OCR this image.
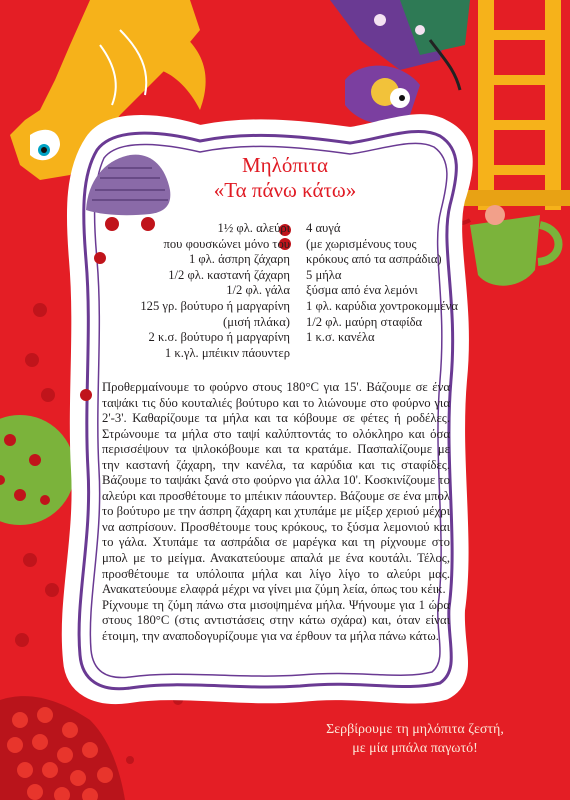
Μηλόπιτα
«Τα πάνω κάτω»
1½ φλ. αλεύρι
που φουσκώνει μόνο του
1 φλ. άσπρη ζάχαρη
1/2 φλ. καστανή ζάχαρη
1/2 φλ. γάλα
125 γρ. βούτυρο ή μαργαρίνη
(μισή πλάκα)
2 κ.σ. βούτυρο ή μαργαρίνη
1 κ.γλ. μπέικιν πάουντερ
4 αυγά
(με χωρισμένους τους
κρόκους από τα ασπράδια)
5 μήλα
ξύσμα από ένα λεμόνι
1 φλ. καρύδια χοντροκομμένα
1/2 φλ. μαύρη σταφίδα
1 κ.σ. κανέλα

Προθερμαίνουμε το φούρνο στους 180°C για 15'. Βάζουμε σε ένα ταψάκι τις δύο κουταλιές βούτυρο και το λιώνουμε στο φούρνο για 2'-3'. Καθαρίζουμε τα μήλα και τα κόβουμε σε φέτες ή ροδέλες. Στρώνουμε τα μήλα στο ταψί καλύπτοντάς το ολόκληρο και όσα περισσέψουν τα ψιλοκόβουμε και τα κρατάμε. Πασπαλίζουμε με την καστανή ζάχαρη, την κανέλα, τα καρύδια και τις σταφίδες. Βάζουμε το ταψάκι ξανά στο φούρνο για άλλα 10'. Κοσκινίζουμε το αλεύρι και προσθέτουμε το μπέικιν πάουντερ. Βάζουμε σε ένα μπολ το βούτυρο με την άσπρη ζάχαρη και χτυπάμε με μίξερ χεριού μέχρι να ασπρίσουν. Προσθέτουμε τους κρόκους, το ξύσμα λεμονιού και το γάλα. Χτυπάμε τα ασπράδια σε μαρέγκα και τη ρίχνουμε στο μπολ με το μείγμα. Ανακατεύουμε απαλά με ένα κουτάλι. Τέλος, προσθέτουμε τα υπόλοιπα μήλα και λίγο λίγο το αλεύρι μας. Ανακατεύουμε ελαφρά μέχρι να γίνει μια ζύμη λεία, όπως του κέικ.

Ρίχνουμε τη ζύμη πάνω στα μισοψημένα μήλα. Ψήνουμε για 1 ώρα στους 180°C (στις αντιστάσεις στην κάτω σχάρα) και, όταν είναι έτοιμη, την αναποδογυρίζουμε για να έρθουν τα μήλα πάνω κάτω.

Σερβίρουμε τη μηλόπιτα ζεστή,
με μία μπάλα παγωτό!
